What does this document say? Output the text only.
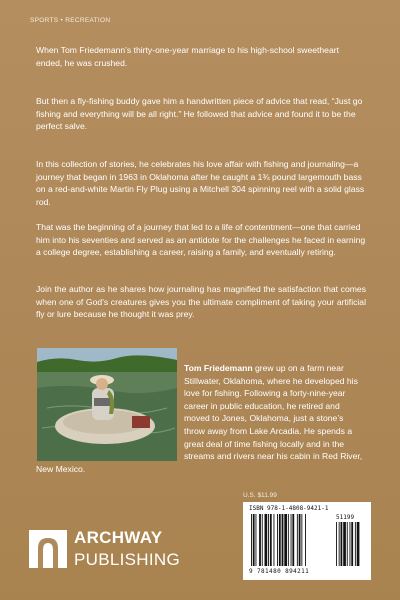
SPORTS • RECREATION

When Tom Friedemann’s thirty-one-year marriage to his high-school sweetheart ended, he was crushed.

But then a fly-fishing buddy gave him a handwritten piece of advice that read, “Just go fishing and everything will be all right.” He followed that advice and found it to be the perfect salve.

In this collection of stories, he celebrates his love affair with fishing and journaling—a journey that began in 1963 in Oklahoma after he caught a 1¾ pound largemouth bass on a red-and-white Martin Fly Plug using a Mitchell 304 spinning reel with a solid glass rod.

That was the beginning of a journey that led to a life of contentment—one that carried him into his seventies and served as an antidote for the challenges he faced in earning a college degree, establishing a career, raising a family, and eventually retiring.

Join the author as he shares how journaling has magnified the satisfaction that comes when one of God’s creatures gives you the ultimate compliment of taking your artificial fly or lure because he thought it was prey.

Tom Friedemann grew up on a farm near Stillwater, Oklahoma, where he developed his love for fishing. Following a forty-nine-year career in public education, he retired and moved to Jones, Oklahoma, just a stone’s throw away from Lake Arcadia. He spends a great deal of time fishing locally and in the streams and rivers near his cabin in Red River, New Mexico.

U.S. $11.99
ISBN 978-1-4808-9421-1
51199
9 781480 894211
ARCHWAY
PUBLISHING
